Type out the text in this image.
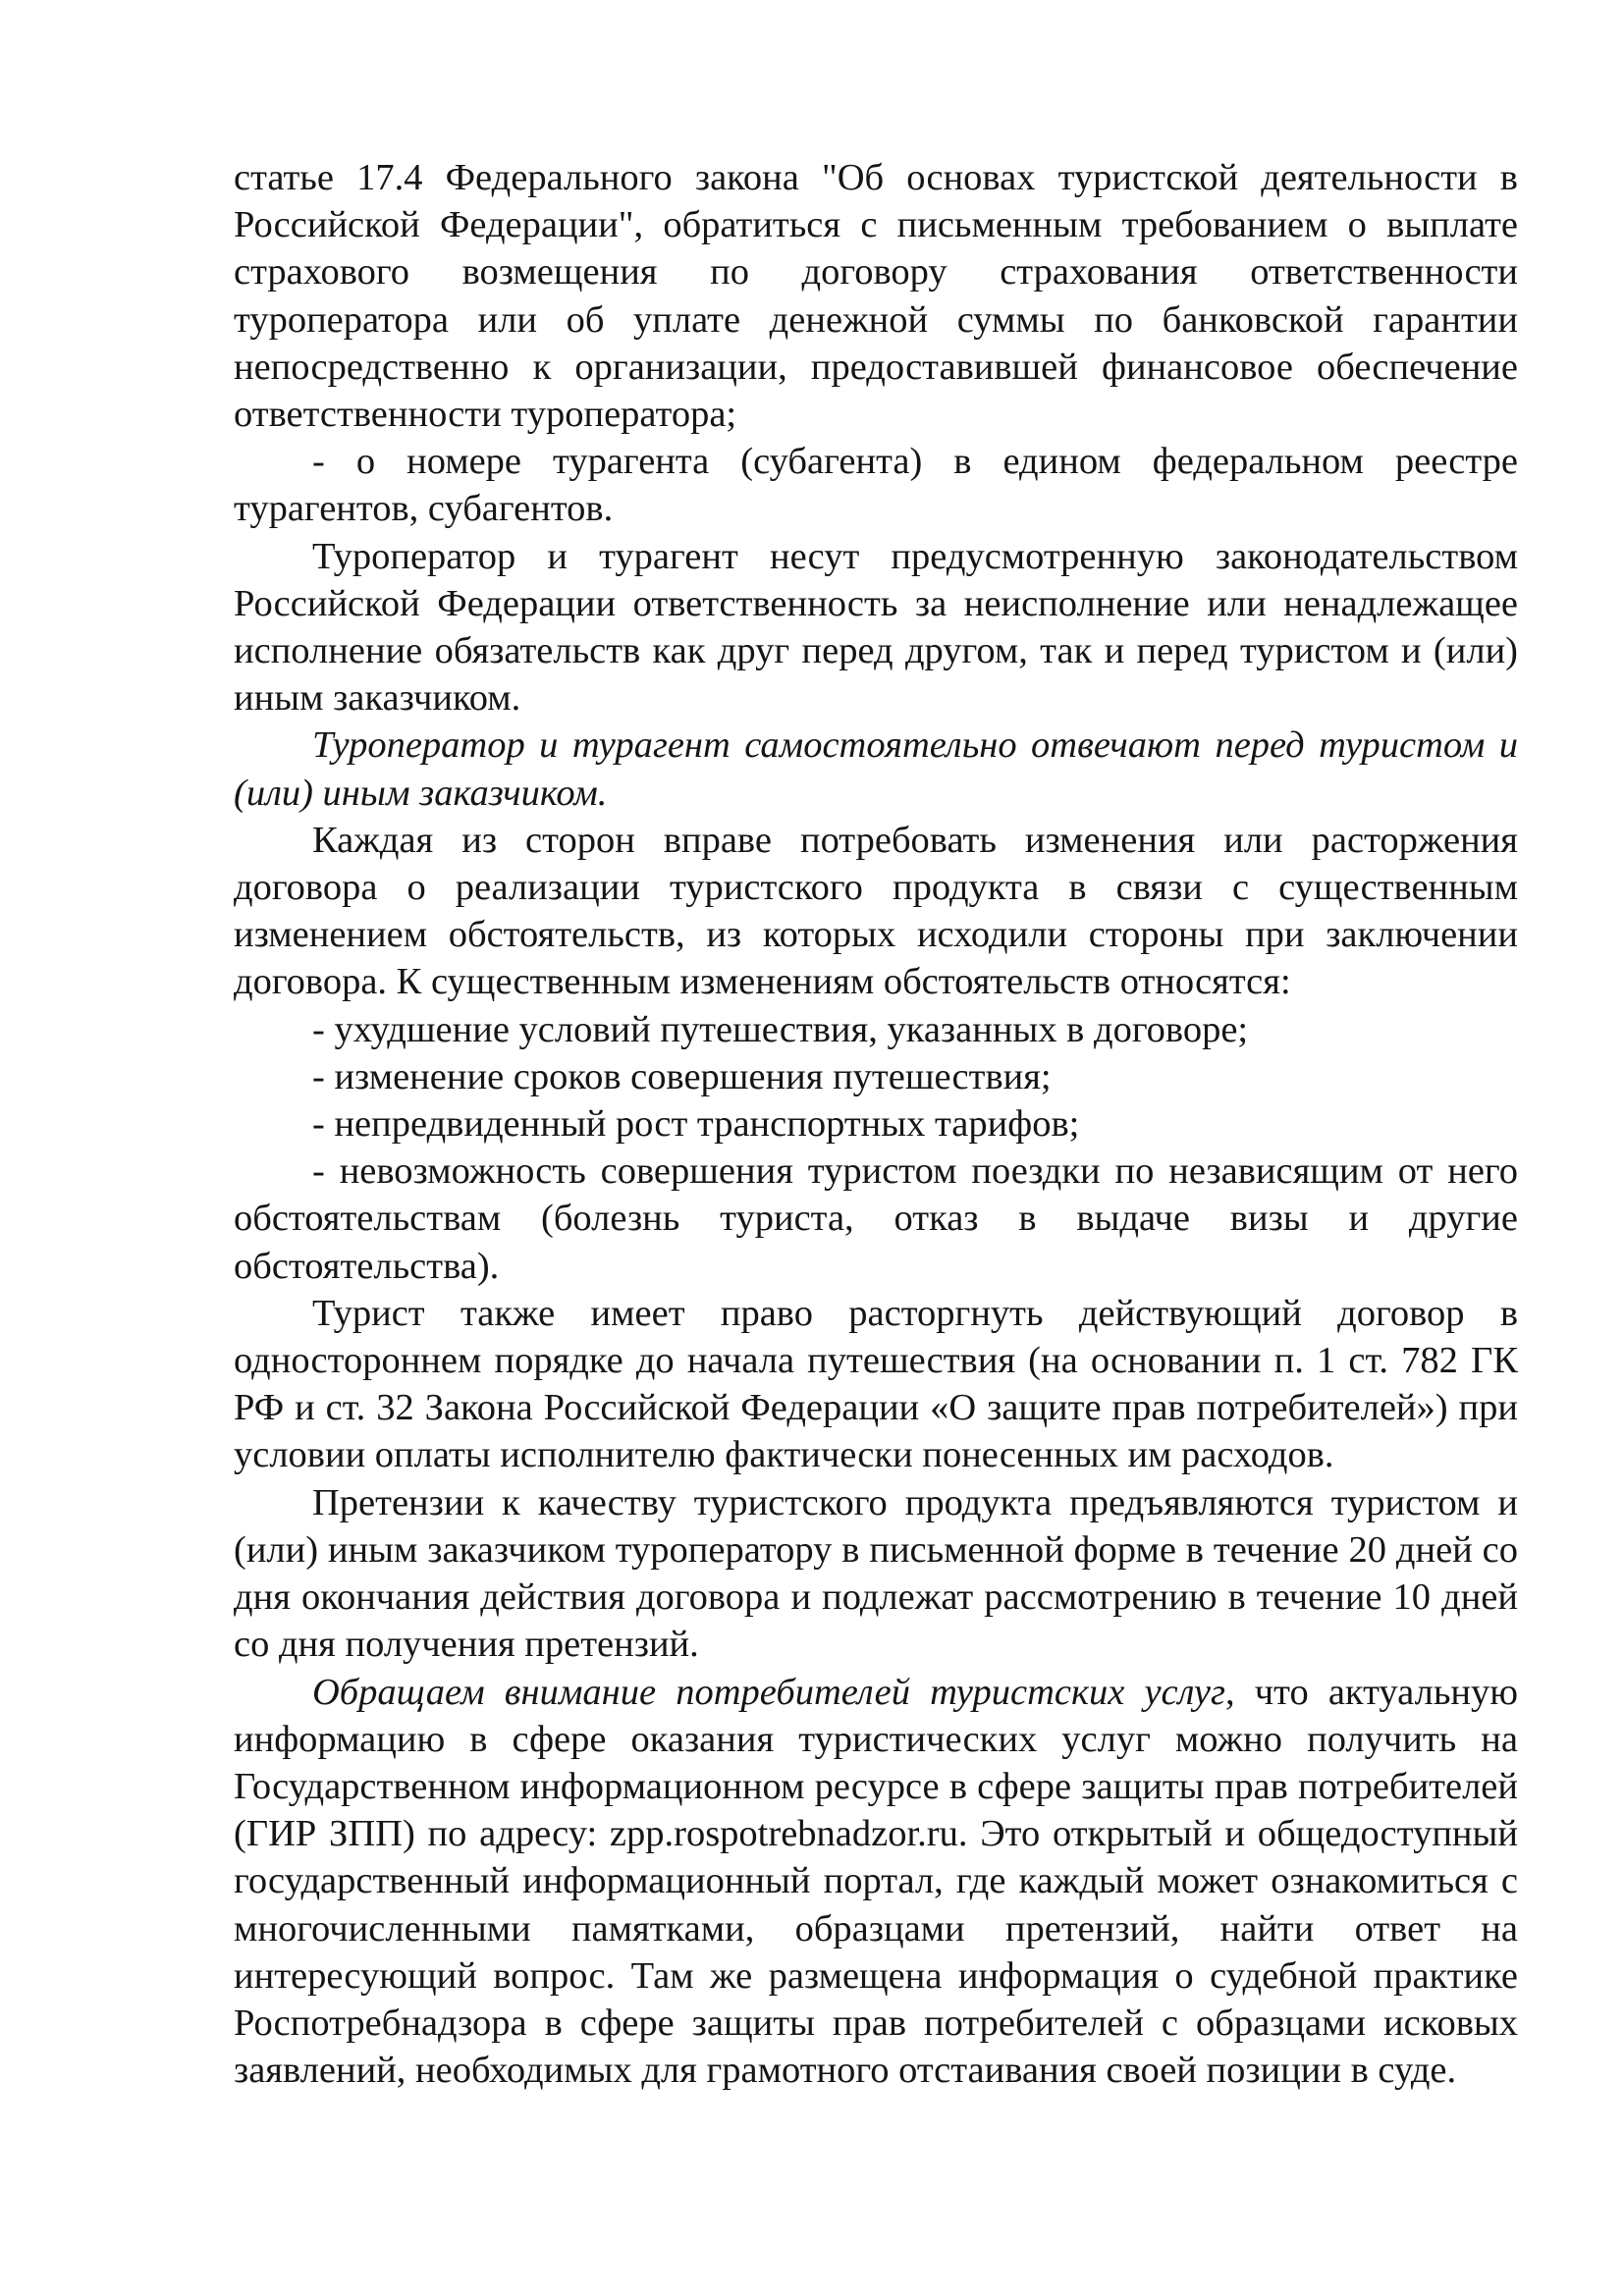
статье 17.4 Федерального закона "Об основах туристской деятельности в Российской Федерации", обратиться с письменным требованием о выплате страхового возмещения по договору страхования ответственности туроператора или об уплате денежной суммы по банковской гарантии непосредственно к организации, предоставившей финансовое обеспечение ответственности туроператора;

- о номере турагента (субагента) в едином федеральном реестре турагентов, субагентов.

Туроператор и турагент несут предусмотренную законодательством Российской Федерации ответственность за неисполнение или ненадлежащее исполнение обязательств как друг перед другом, так и перед туристом и (или) иным заказчиком.

Туроператор и турагент самостоятельно отвечают перед туристом и (или) иным заказчиком.

Каждая из сторон вправе потребовать изменения или расторжения договора о реализации туристского продукта в связи с существенным изменением обстоятельств, из которых исходили стороны при заключении договора. К существенным изменениям обстоятельств относятся:

- ухудшение условий путешествия, указанных в договоре;

- изменение сроков совершения путешествия;

- непредвиденный рост транспортных тарифов;

- невозможность совершения туристом поездки по независящим от него обстоятельствам (болезнь туриста, отказ в выдаче визы и другие обстоятельства).

Турист также имеет право расторгнуть действующий договор в одностороннем порядке до начала путешествия (на основании п. 1 ст. 782 ГК РФ и ст. 32 Закона Российской Федерации «О защите прав потребителей») при условии оплаты исполнителю фактически понесенных им расходов.

Претензии к качеству туристского продукта предъявляются туристом и (или) иным заказчиком туроператору в письменной форме в течение 20 дней со дня окончания действия договора и подлежат рассмотрению в течение 10 дней со дня получения претензий.

Обращаем внимание потребителей туристских услуг, что актуальную информацию в сфере оказания туристических услуг можно получить на Государственном информационном ресурсе в сфере защиты прав потребителей (ГИР ЗПП) по адресу: zpp.rospotrebnadzor.ru. Это открытый и общедоступный государственный информационный портал, где каждый может ознакомиться с многочисленными памятками, образцами претензий, найти ответ на интересующий вопрос. Там же размещена информация о судебной практике Роспотребнадзора в сфере защиты прав потребителей с образцами исковых заявлений, необходимых для грамотного отстаивания своей позиции в суде.
